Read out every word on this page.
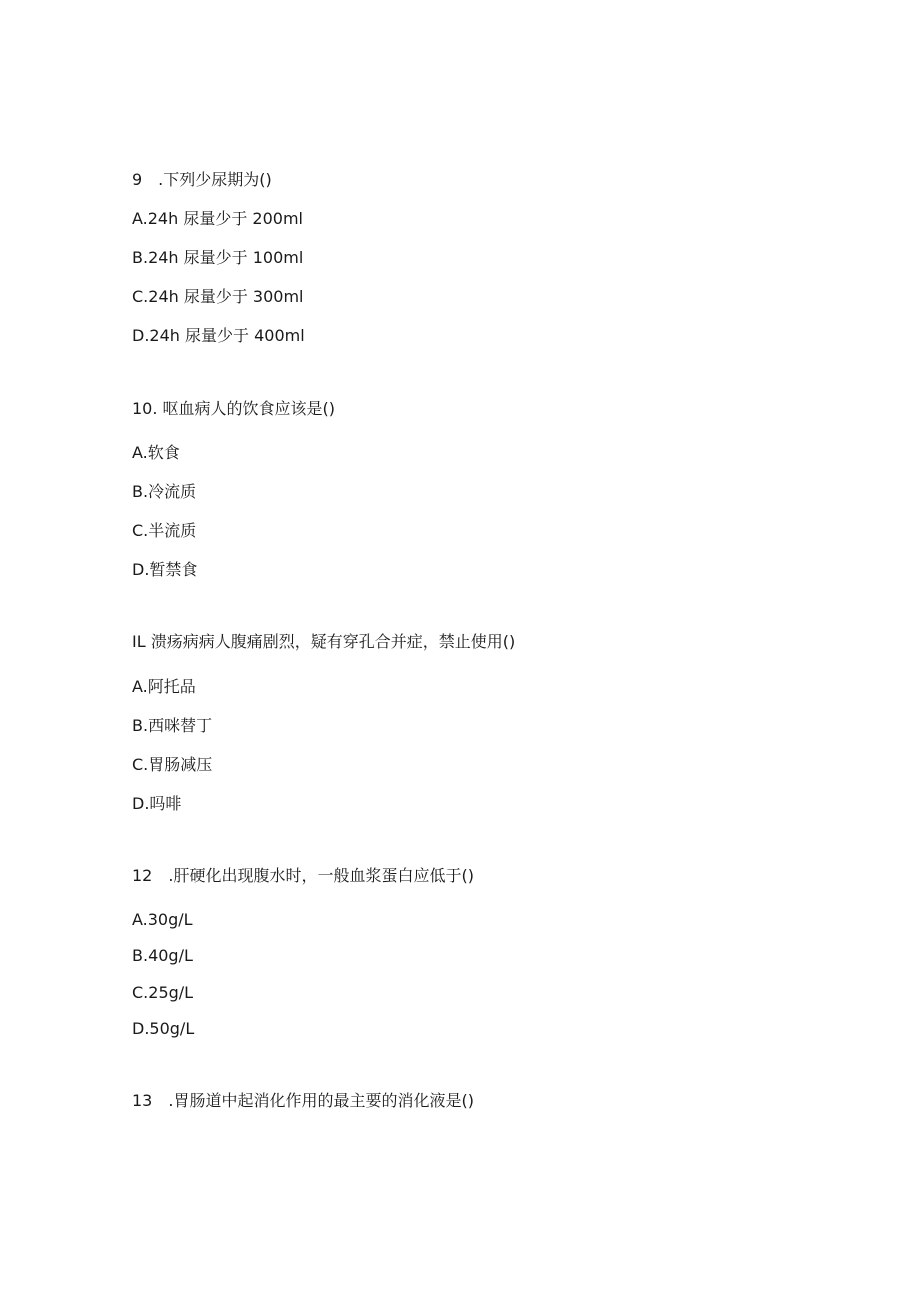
9　.下列少尿期为()
A.24h 尿量少于 200ml
B.24h 尿量少于 100ml
C.24h 尿量少于 300ml
D.24h 尿量少于 400ml
10. 呕血病人的饮食应该是()
A.软食
B.冷流质
C.半流质
D.暂禁食
IL 溃疡病病人腹痛剧烈，疑有穿孔合并症，禁止使用()
A.阿托品
B.西咪替丁
C.胃肠减压
D.吗啡
12　.肝硬化出现腹水时，一般血浆蛋白应低于()
A.30g∕L
B.40g∕L
C.25g∕L
D.50g∕L
13　.胃肠道中起消化作用的最主要的消化液是()
